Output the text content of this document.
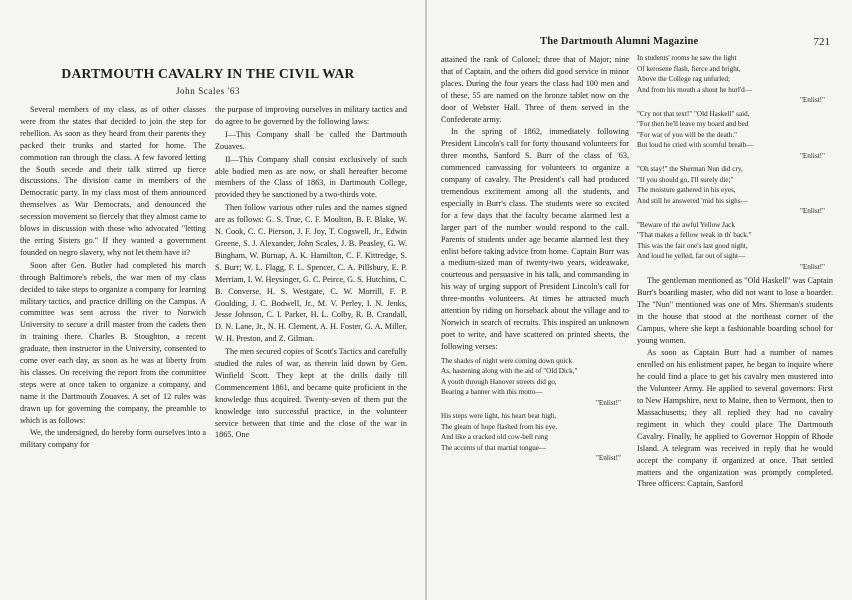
DARTMOUTH CAVALRY IN THE CIVIL WAR
John Scales '63

Several members of my class, as of other classes were from the states that decided to join the step for rebellion. As soon as they heard from their parents they packed their trunks and started for home. The commotion ran through the class. A few favored letting the South secede and their talk stirred up fierce discussions. The division came in members of the Democratic party. In my class most of them announced themselves as War Democrats, and denounced the secession movement so fiercely that they almost came to blows in discussion with those who advocated "letting the erring Sisters go." If they wanted a government founded on negro slavery, why not let them have it?

Soon after Gen. Butler had completed his march through Baltimore's rebels, the war men of my class decided to take steps to organize a company for learning military tactics, and practice drilling on the Campus. A committee was sent across the river to Norwich University to secure a drill master from the cadets then in training there. Charles B. Stoughton, a recent graduate, then instructor in the University, consented to come over each day, as soon as he was at liberty from his classes. On receiving the report from the committee steps were at once taken to organize a company, and name it the Dartmouth Zouaves. A set of 12 rules was drawn up for governing the company, the preamble to which is as follows:

We, the undersigned, do hereby form ourselves into a military company for

the purpose of improving ourselves in military tactics and do agree to be governed by the following laws:

I—This Company shall be called the Dartmouth Zouaves.

II—This Company shall consist exclusively of such able bodied men as are now, or shall hereafter become members of the Class of 1863, in Dartmouth College, provided they be sanctioned by a two-thirds vote.

Then follow various other rules and the names signed are as follows: G. S. True, C. F. Moulton, B. F. Blake, W. N. Cook, C. C. Pierson, J. F. Joy, T. Cogswell, Jr., Edwin Greene, S. J. Alexander, John Scales, J. B. Peasley, G. W. Bingham, W. Burnap, A. K. Hamilton, C. F. Kittredge, S. S. Burr; W. L. Flagg, F. L. Spencer, C. A. Pillsbury, E. P. Merriam, I. W. Heysinger, G. C. Peirce, G. S. Hutchins, C. B. Converse, H. S. Westgate, C. W. Morrill, F. P. Goulding, J. C. Bodwell, Jr., M. V. Perley, I. N. Jenks, Jesse Johnson, C. I. Parker, H. L. Colby, R. B. Crandall, D. N. Lane, Jr., N. H. Clement, A. H. Foster, G. A. Miller, W. H. Preston, and Z. Gilman.

The men secured copies of Scott's Tactics and carefully studied the rules of war, as therein laid down by Gen. Winfield Scott. They kept at the drills daily till Commencement 1861, and became quite proficient in the knowledge thus acquired. Twenty-seven of them put the knowledge into successful practice, in the volunteer service between that time and the close of the war in 1865. One

The Dartmouth Alumni Magazine	721

attained the rank of Colonel; three that of Major; nine that of Captain, and the others did good service in minor places. During the four years the class had 100 men and of these, 55 are named on the bronze tablet now on the door of Webster Hall. Three of them served in the Confederate army.

In the spring of 1862, immediately following President Lincoln's call for forty thousand volunteers for three months, Sanford S. Burr of the class of '63, commenced canvassing for volunteers to organize a company of cavalry. The President's call had produced tremendous excitement among all the students, and especially in Burr's class. The students were so excited for a few days that the faculty became alarmed lest a larger part of the number would respond to the call. Parents of students under age became alarmed lest they enlist before taking advice from home. Captain Burr was a medium-sized man of twenty-two years, wideawake, courteous and persuasive in his talk, and commanding in his way of urging support of President Lincoln's call for three-months volunteers. At times he attracted much attention by riding on horseback about the village and to Norwich in search of recruits. This inspired an unknown poet to write, and have scattered on printed sheets, the following verses:

The shades of night were coming down quick
As, hastening along with the aid of "Old Dick,"
A youth through Hanover streets did go,
Bearing a banner with this motto—
"Enlist!"
His steps were light, his heart beat high,
The gleam of hope flashed from his eye.
And like a cracked old cow-bell rung
The accents of that martial tongue—
"Enlist!"
In students' rooms he saw the light
Of kerosene flash, fierce and bright,
Above the College rag unfurled;
And from his mouth a shout he hurl'd—
"Enlist!"
"Cry not that text!" "Old Haskell" said,
"For then he'll leave my board and bed
"For war of you will be the death."
But loud he cried with scornful breath—
"Enlist!"
"Oh stay!" the Sherman Nun did cry,
"If you should go, I'll surely die;"
The moisture gathered in his eyes,
And still he answered 'mid his sighs—
"Enlist!"
"Beware of the awful Yellow Jack
"That makes a fellow weak in th' back."
This was the fair one's last good night,
And loud he yelled, far out of sight—
"Enlist!"

The gentleman mentioned as "Old Haskell" was Captain Burr's boarding master, who did not want to lose a boarder. The "Nun" mentioned was one of Mrs. Sherman's students in the house that stood at the northeast corner of the Campus, where she kept a fashionable boarding school for young women.

As soon as Captain Burr had a number of names enrolled on his enlistment paper, he began to inquire where he could find a place to get his cavalry men mustered into the Volunteer Army. He applied to several governors: First to New Hampshire, next to Maine, then to Vermont, then to Massachusetts; they all replied they had no cavalry regiment in which they could place The Dartmouth Cavalry. Finally, he applied to Governor Hoppin of Rhode Island. A telegram was received in reply that he would accept the company if organized at once. That settled matters and the organization was promptly completed. Three officers: Captain, Sanford
